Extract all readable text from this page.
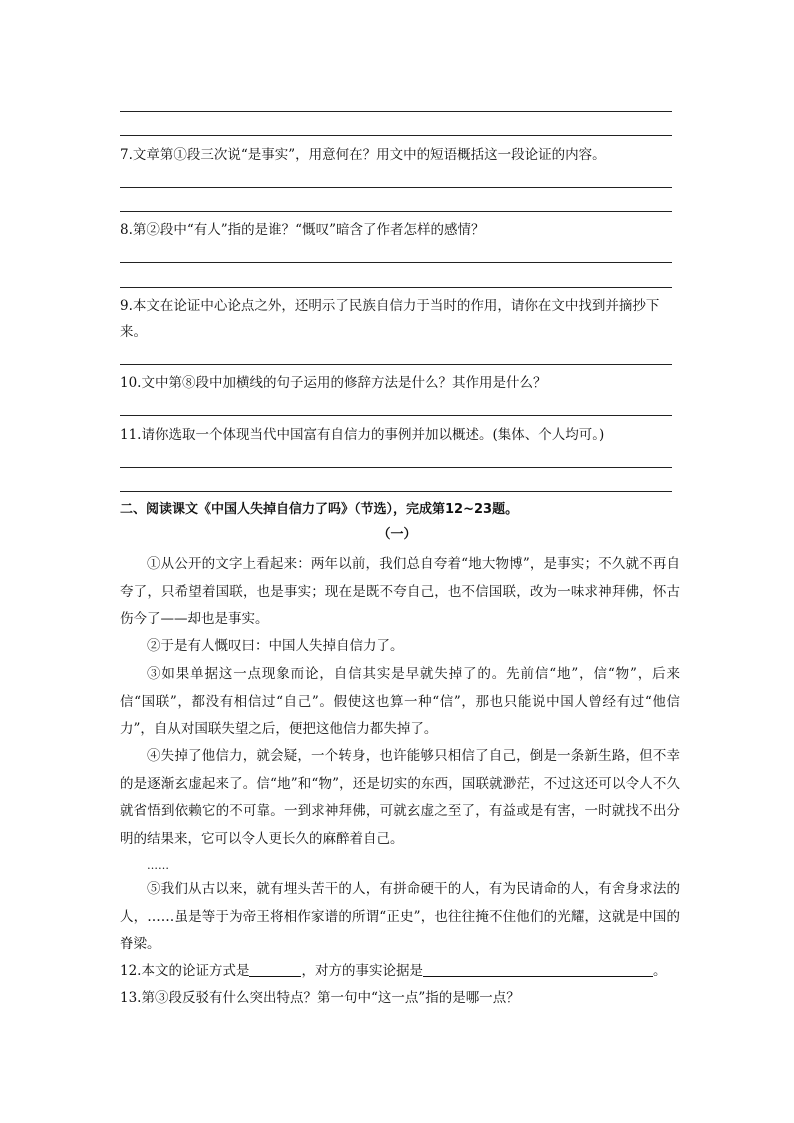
7.文章第①段三次说“是事实”，用意何在？用文中的短语概括这一段论证的内容。
8.第②段中“有人”指的是谁？“慨叹”暗含了作者怎样的感情？
9.本文在论证中心论点之外，还明示了民族自信力于当时的作用，请你在文中找到并摘抄下
来。
10.文中第⑧段中加横线的句子运用的修辞方法是什么？其作用是什么？
11.请你选取一个体现当代中国富有自信力的事例并加以概述。(集体、个人均可。)
二、阅读课文《中国人失掉自信力了吗》（节选），完成第12~23题。
（一）
①从公开的文字上看起来：两年以前，我们总自夸着“地大物博”，是事实；不久就不再自夸了，只希望着国联，也是事实；现在是既不夸自己，也不信国联，改为一味求神拜佛，怀古伤今了——却也是事实。
②于是有人慨叹曰：中国人失掉自信力了。
③如果单据这一点现象而论，自信其实是早就失掉了的。先前信“地”，信“物”，后来信“国联”，都没有相信过“自己”。假使这也算一种“信”，那也只能说中国人曾经有过“他信力”，自从对国联失望之后，便把这他信力都失掉了。
④失掉了他信力，就会疑，一个转身，也许能够只相信了自己，倒是一条新生路，但不幸的是逐渐玄虚起来了。信“地”和“物”，还是切实的东西，国联就渺茫，不过这还可以令人不久就省悟到依赖它的不可靠。一到求神拜佛，可就玄虚之至了，有益或是有害，一时就找不出分明的结果来，它可以令人更长久的麻醉着自己。
……
⑤我们从古以来，就有埋头苦干的人，有拼命硬干的人，有为民请命的人，有舍身求法的人，……虽是等于为帝王将相作家谱的所谓“正史”，也往往掩不住他们的光耀，这就是中国的脊梁。
12.本文的论证方式是	，对方的事实论据是	。
13.第③段反驳有什么突出特点？第一句中“这一点”指的是哪一点？
